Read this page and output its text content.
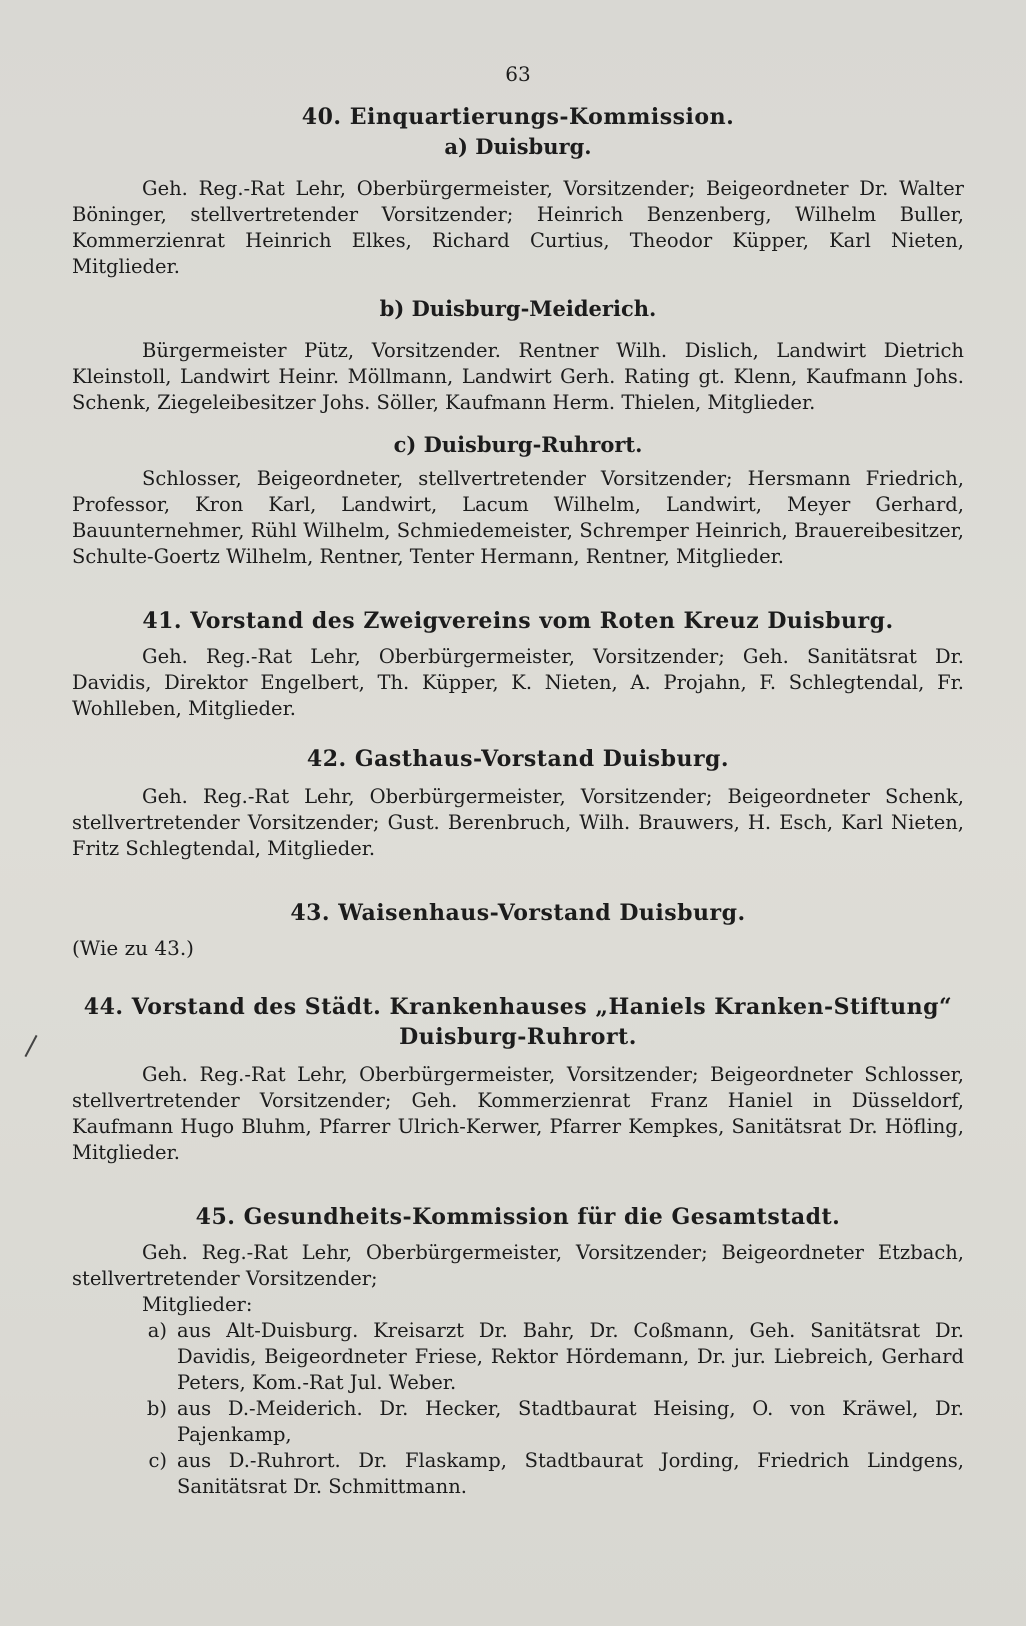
63
40. Einquartierungs-Kommission.
a) Duisburg.

Geh. Reg.-Rat Lehr, Oberbürgermeister, Vorsitzender; Beigeordneter Dr. Walter Böninger, stellvertretender Vorsitzender; Heinrich Benzenberg, Wilhelm Buller, Kommerzienrat Heinrich Elkes, Richard Curtius, Theodor Küpper, Karl Nieten, Mitglieder.

b) Duisburg-Meiderich.

Bürgermeister Pütz, Vorsitzender. Rentner Wilh. Dislich, Landwirt Dietrich Kleinstoll, Landwirt Heinr. Möllmann, Landwirt Gerh. Rating gt. Klenn, Kaufmann Johs. Schenk, Ziegeleibesitzer Johs. Söller, Kaufmann Herm. Thielen, Mitglieder.

c) Duisburg-Ruhrort.

Schlosser, Beigeordneter, stellvertretender Vorsitzender; Hersmann Friedrich, Professor, Kron Karl, Landwirt, Lacum Wilhelm, Landwirt, Meyer Gerhard, Bauunternehmer, Rühl Wilhelm, Schmiedemeister, Schremper Heinrich, Brauereibesitzer, Schulte-Goertz Wilhelm, Rentner, Tenter Hermann, Rentner, Mitglieder.

41. Vorstand des Zweigvereins vom Roten Kreuz Duisburg.

Geh. Reg.-Rat Lehr, Oberbürgermeister, Vorsitzender; Geh. Sanitätsrat Dr. Davidis, Direktor Engelbert, Th. Küpper, K. Nieten, A. Projahn, F. Schlegtendal, Fr. Wohlleben, Mitglieder.

42. Gasthaus-Vorstand Duisburg.

Geh. Reg.-Rat Lehr, Oberbürgermeister, Vorsitzender; Beigeordneter Schenk, stellvertretender Vorsitzender; Gust. Berenbruch, Wilh. Brauwers, H. Esch, Karl Nieten, Fritz Schlegtendal, Mitglieder.

43. Waisenhaus-Vorstand Duisburg.

(Wie zu 43.)

44. Vorstand des Städt. Krankenhauses „Haniels Kranken-Stiftung“
Duisburg-Ruhrort.

Geh. Reg.-Rat Lehr, Oberbürgermeister, Vorsitzender; Beigeordneter Schlosser, stellvertretender Vorsitzender; Geh. Kommerzienrat Franz Haniel in Düsseldorf, Kaufmann Hugo Bluhm, Pfarrer Ulrich-Kerwer, Pfarrer Kempkes, Sanitätsrat Dr. Höfling, Mitglieder.

45. Gesundheits-Kommission für die Gesamtstadt.

Geh. Reg.-Rat Lehr, Oberbürgermeister, Vorsitzender; Beigeordneter Etzbach, stellvertretender Vorsitzender;

Mitglieder:

a) aus Alt-Duisburg. Kreisarzt Dr. Bahr, Dr. Coßmann, Geh. Sanitätsrat Dr. Davidis, Beigeordneter Friese, Rektor Hördemann, Dr. jur. Liebreich, Gerhard Peters, Kom.-Rat Jul. Weber.
b) aus D.-Meiderich. Dr. Hecker, Stadtbaurat Heising, O. von Kräwel, Dr. Pajenkamp,
c) aus D.-Ruhrort. Dr. Flaskamp, Stadtbaurat Jording, Friedrich Lindgens, Sanitätsrat Dr. Schmittmann.
